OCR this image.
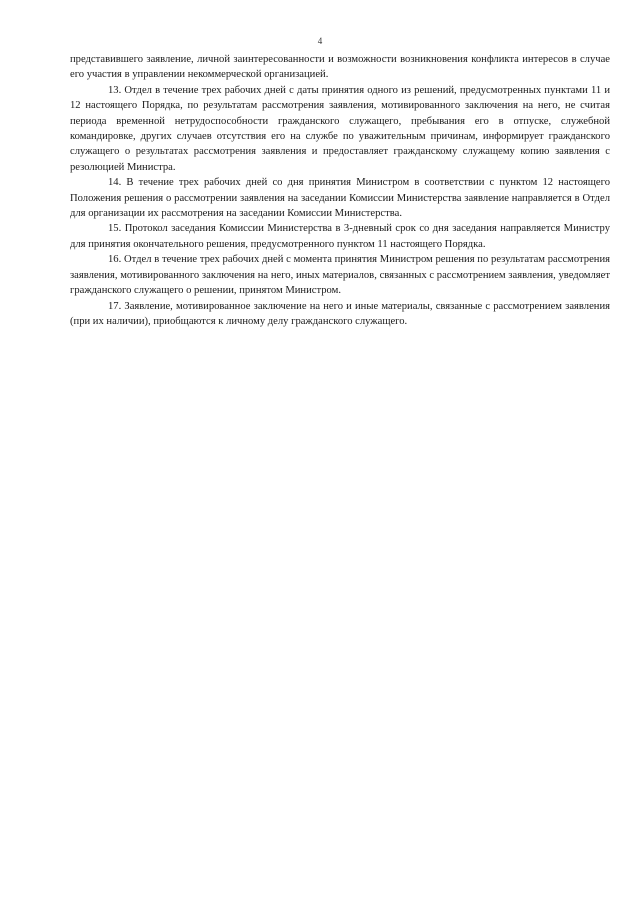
4

представившего заявление, личной заинтересованности и возможности возникновения конфликта интересов в случае его участия в управлении некоммерческой организацией.

13. Отдел в течение трех рабочих дней с даты принятия одного из решений, предусмотренных пунктами 11 и 12 настоящего Порядка, по результатам рассмотрения заявления, мотивированного заключения на него, не считая периода временной нетрудоспособности гражданского служащего, пребывания его в отпуске, служебной командировке, других случаев отсутствия его на службе по уважительным причинам, информирует гражданского служащего о результатах рассмотрения заявления и предоставляет гражданскому служащему копию заявления с резолюцией Министра.

14. В течение трех рабочих дней со дня принятия Министром в соответствии с пунктом 12 настоящего Положения решения о рассмотрении заявления на заседании Комиссии Министерства заявление направляется в Отдел для организации их рассмотрения на заседании Комиссии Министерства.

15. Протокол заседания Комиссии Министерства в 3-дневный срок со дня заседания направляется Министру для принятия окончательного решения, предусмотренного пунктом 11 настоящего Порядка.

16. Отдел в течение трех рабочих дней с момента принятия Министром решения по результатам рассмотрения заявления, мотивированного заключения на него, иных материалов, связанных с рассмотрением заявления, уведомляет гражданского служащего о решении, принятом Министром.

17. Заявление, мотивированное заключение на него и иные материалы, связанные с рассмотрением заявления (при их наличии), приобщаются к личному делу гражданского служащего.
